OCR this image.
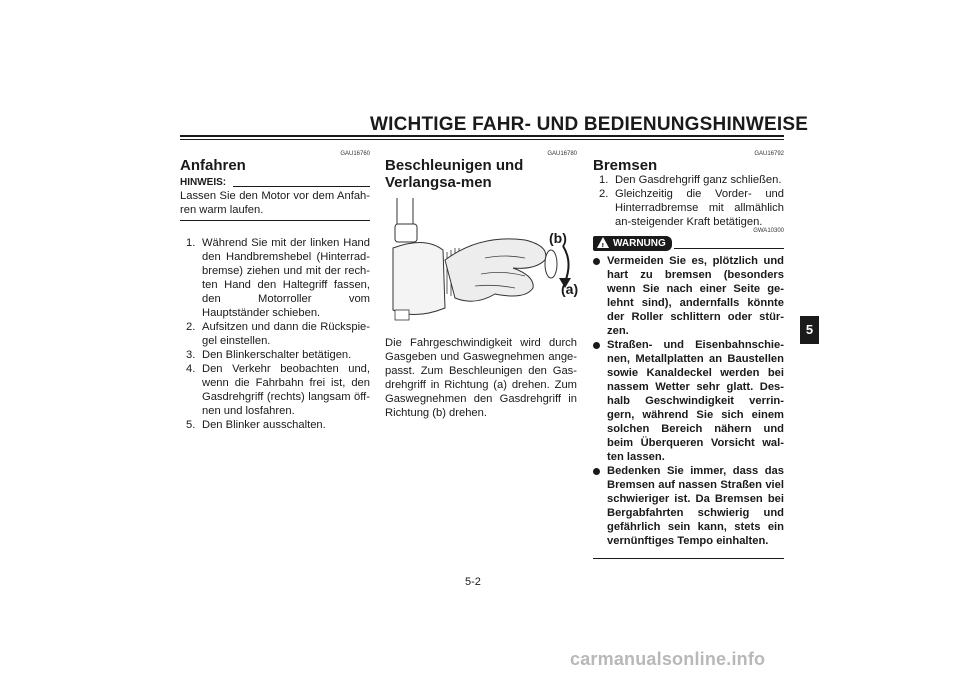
WICHTIGE FAHR- UND BEDIENUNGSHINWEISE
GAU16760
Anfahren
HINWEIS:
Lassen Sie den Motor vor dem Anfah-ren warm laufen.
1. Während Sie mit der linken Hand den Handbremshebel (Hinterrad-bremse) ziehen und mit der rech-ten Hand den Haltegriff fassen, den Motorroller vom Hauptständer schieben.
2. Aufsitzen und dann die Rückspie-gel einstellen.
3. Den Blinkerschalter betätigen.
4. Den Verkehr beobachten und, wenn die Fahrbahn frei ist, den Gasdrehgriff (rechts) langsam öff-nen und losfahren.
5. Den Blinker ausschalten.
GAU16780
Beschleunigen und Verlangsa-men
(b)
(a)
Die Fahrgeschwindigkeit wird durch Gasgeben und Gaswegnehmen ange-passt. Zum Beschleunigen den Gas-drehgriff in Richtung (a) drehen. Zum Gaswegnehmen den Gasdrehgriff in Richtung (b) drehen.
GAU16792
Bremsen
1. Den Gasdrehgriff ganz schließen.
2. Gleichzeitig die Vorder- und Hinterradbremse mit allmählich an-steigender Kraft betätigen.
GWA10300
! WARNUNG
Vermeiden Sie es, plötzlich und hart zu bremsen (besonders wenn Sie nach einer Seite ge-lehnt sind), andernfalls könnte der Roller schlittern oder stür-zen.
Straßen- und Eisenbahnschie-nen, Metallplatten an Baustellen sowie Kanaldeckel werden bei nassem Wetter sehr glatt. Des-halb Geschwindigkeit verrin-gern, während Sie sich einem solchen Bereich nähern und beim Überqueren Vorsicht wal-ten lassen.
Bedenken Sie immer, dass das Bremsen auf nassen Straßen viel schwieriger ist. Da Bremsen bei Bergabfahrten schwierig und gefährlich sein kann, stets ein vernünftiges Tempo einhalten.
5
5-2
carmanualsonline.info
